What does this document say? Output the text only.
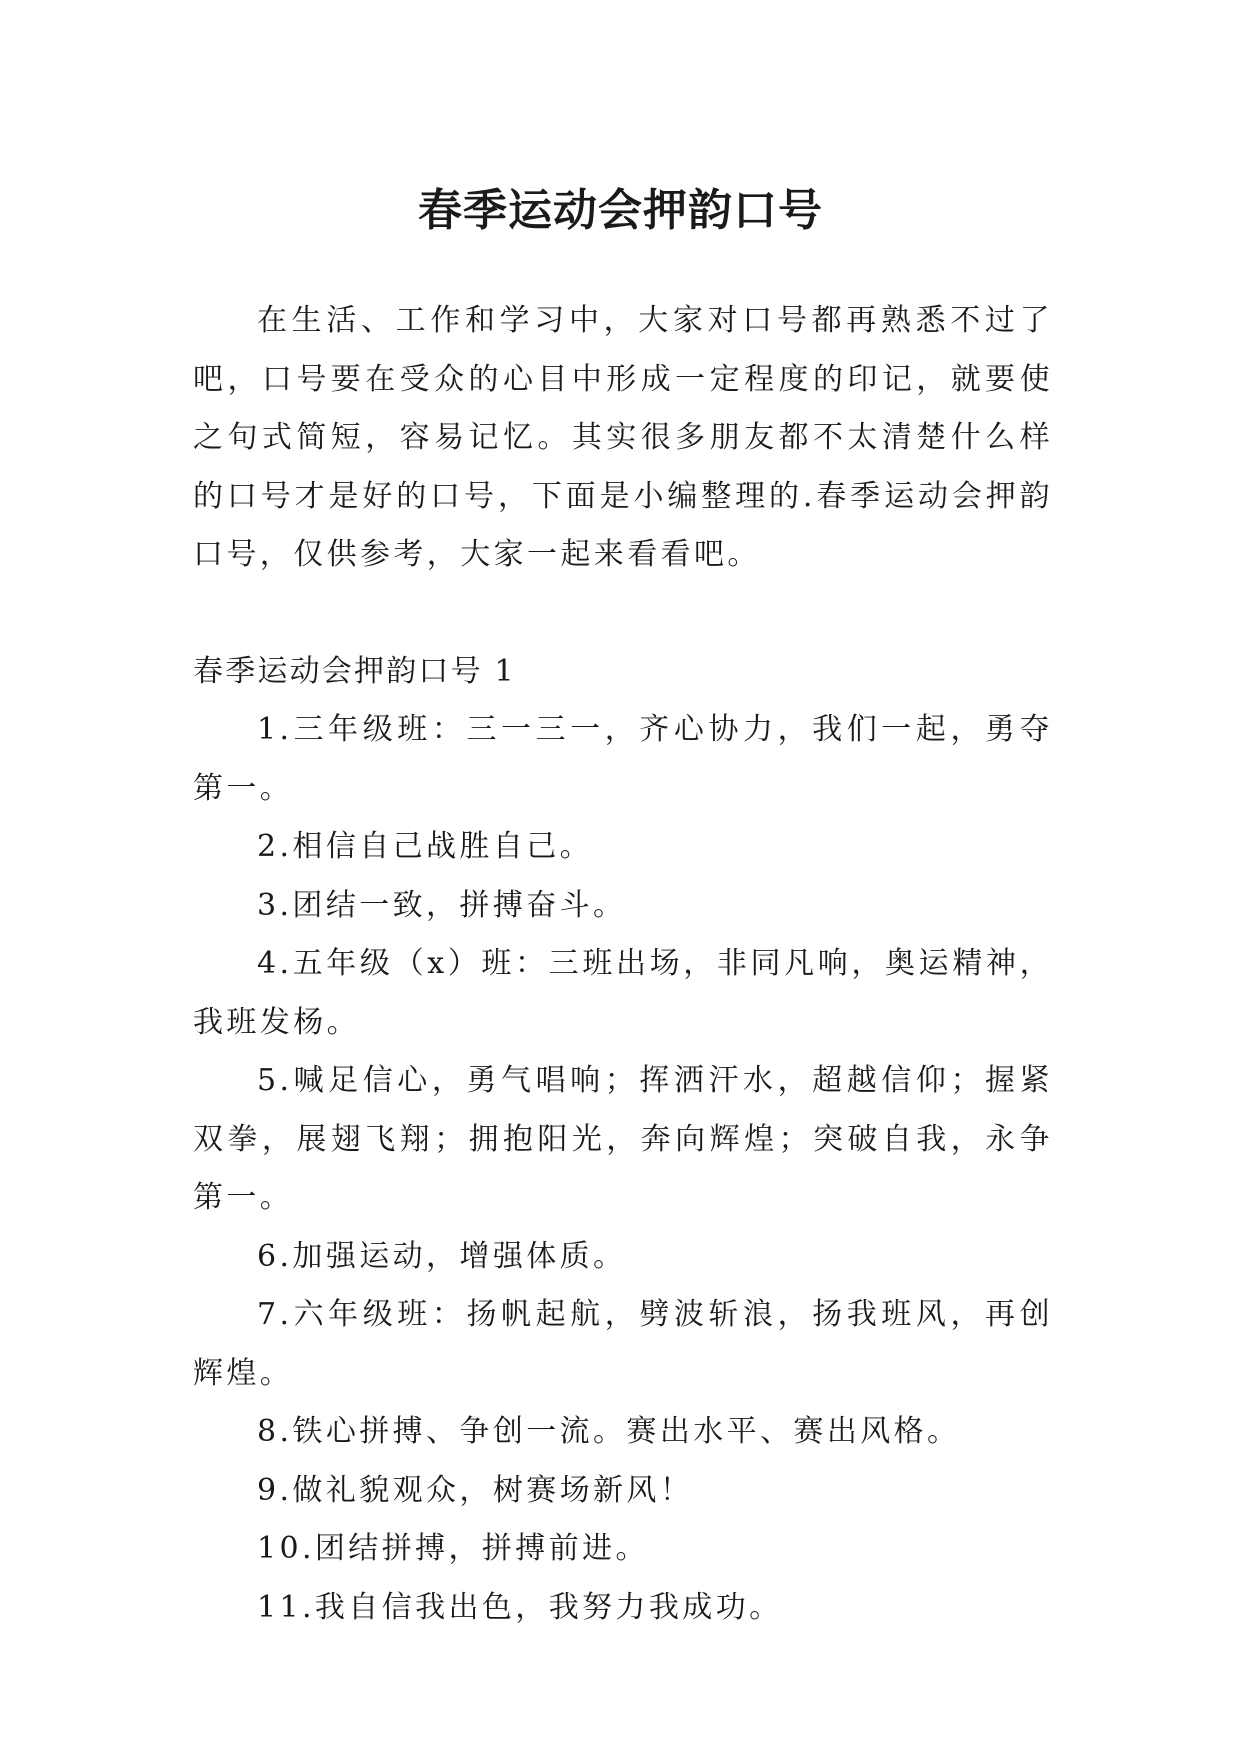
春季运动会押韵口号

在生活、工作和学习中，大家对口号都再熟悉不过了吧，口号要在受众的心目中形成一定程度的印记，就要使之句式简短，容易记忆。其实很多朋友都不太清楚什么样的口号才是好的口号，下面是小编整理的.春季运动会押韵口号，仅供参考，大家一起来看看吧。

春季运动会押韵口号 1

1.三年级班：三一三一，齐心协力，我们一起，勇夺第一。

2.相信自己战胜自己。

3.团结一致，拼搏奋斗。

4.五年级（x）班：三班出场，非同凡响，奥运精神，我班发杨。

5.喊足信心，勇气唱响；挥洒汗水，超越信仰；握紧双拳，展翅飞翔；拥抱阳光，奔向辉煌；突破自我，永争第一。

6.加强运动，增强体质。

7.六年级班：扬帆起航，劈波斩浪，扬我班风，再创辉煌。

8.铁心拼搏、争创一流。赛出水平、赛出风格。

9.做礼貌观众，树赛场新风！

10.团结拼搏，拼搏前进。

11.我自信我出色，我努力我成功。
